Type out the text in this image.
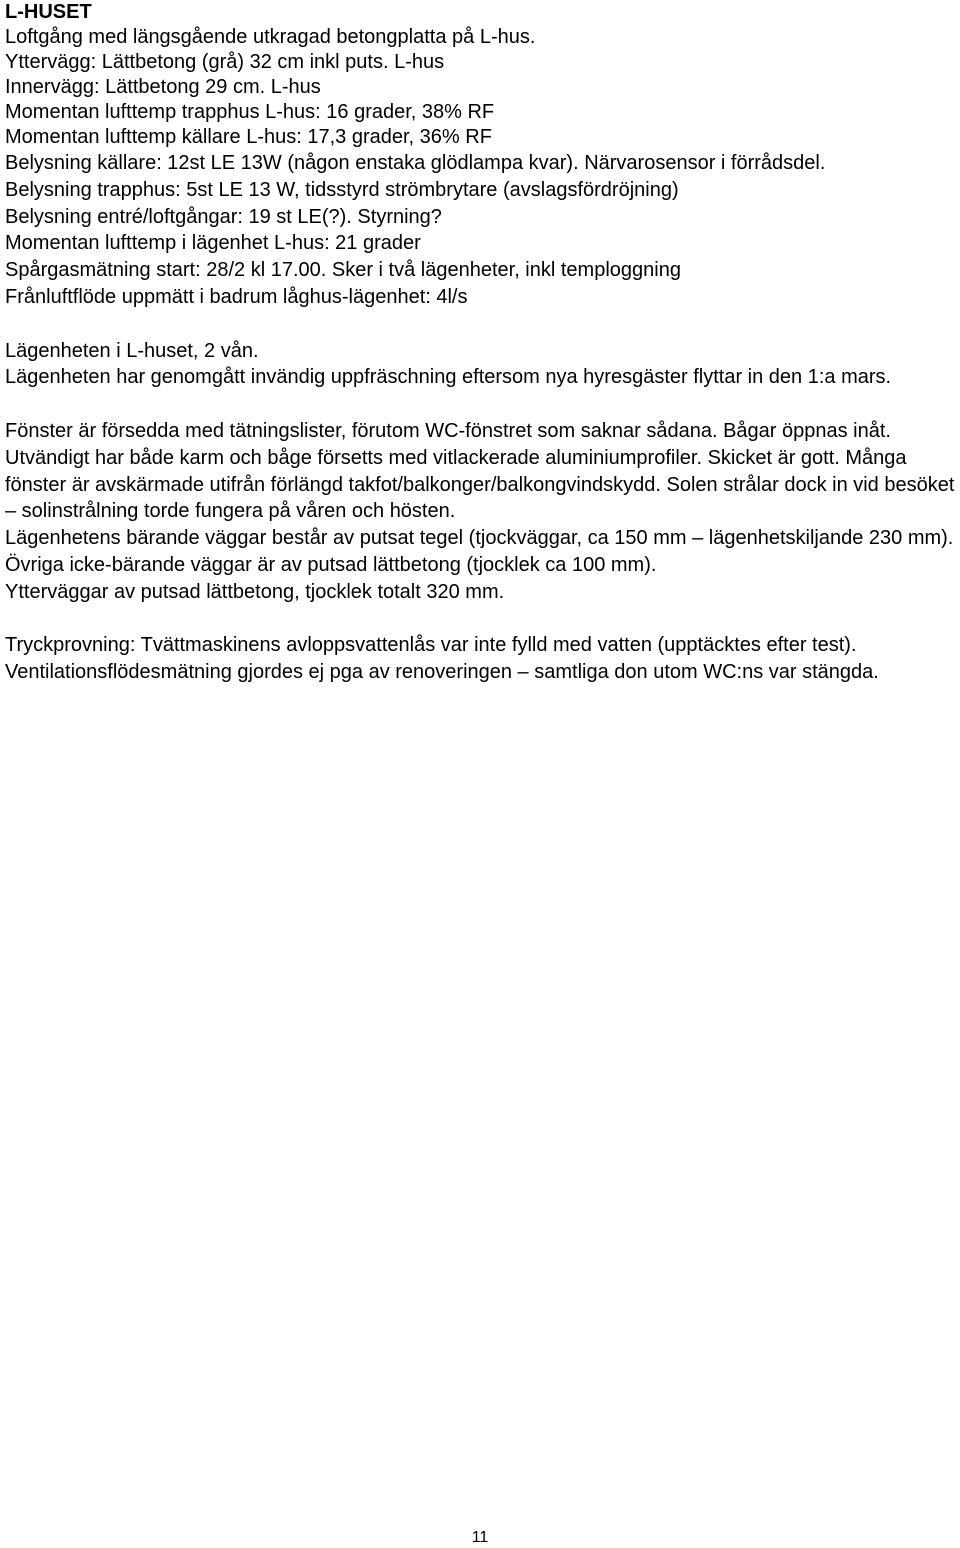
L-HUSET
Loftgång med längsgående utkragad betongplatta på L-hus.
Yttervägg: Lättbetong (grå) 32 cm inkl puts. L-hus
Innervägg: Lättbetong 29 cm. L-hus
Momentan lufttemp trapphus L-hus: 16 grader, 38% RF
Momentan lufttemp källare L-hus: 17,3 grader, 36% RF
Belysning källare: 12st LE 13W (någon enstaka glödlampa kvar). Närvarosensor i förrådsdel.
Belysning trapphus: 5st LE 13 W, tidsstyrd strömbrytare (avslagsfördröjning)
Belysning entré/loftgångar: 19 st LE(?). Styrning?
Momentan lufttemp i lägenhet L-hus: 21 grader
Spårgasmätning start: 28/2 kl 17.00. Sker i två lägenheter, inkl temploggning
Frånluftflöde uppmätt i badrum låghus-lägenhet: 4l/s

Lägenheten i L-huset, 2 vån.

Lägenheten har genomgått invändig uppfräschning eftersom nya hyresgäster flyttar in den 1:a mars.

Fönster är försedda med tätningslister, förutom WC-fönstret som saknar sådana. Bågar öppnas inåt. Utvändigt har både karm och båge försetts med vitlackerade aluminiumprofiler. Skicket är gott. Många fönster är avskärmade utifrån förlängd takfot/balkonger/balkongvindskydd. Solen strålar dock in vid besöket – solinstrålning torde fungera på våren och hösten.

Lägenhetens bärande väggar består av putsat tegel (tjockväggar, ca 150 mm – lägenhetskiljande 230 mm). Övriga icke-bärande väggar är av putsad lättbetong (tjocklek ca 100 mm).

Ytterväggar av putsad lättbetong, tjocklek totalt 320 mm.

Tryckprovning: Tvättmaskinens avloppsvattenlås var inte fylld med vatten (upptäcktes efter test).

Ventilationsflödesmätning gjordes ej pga av renoveringen – samtliga don utom WC:ns var stängda.

11
